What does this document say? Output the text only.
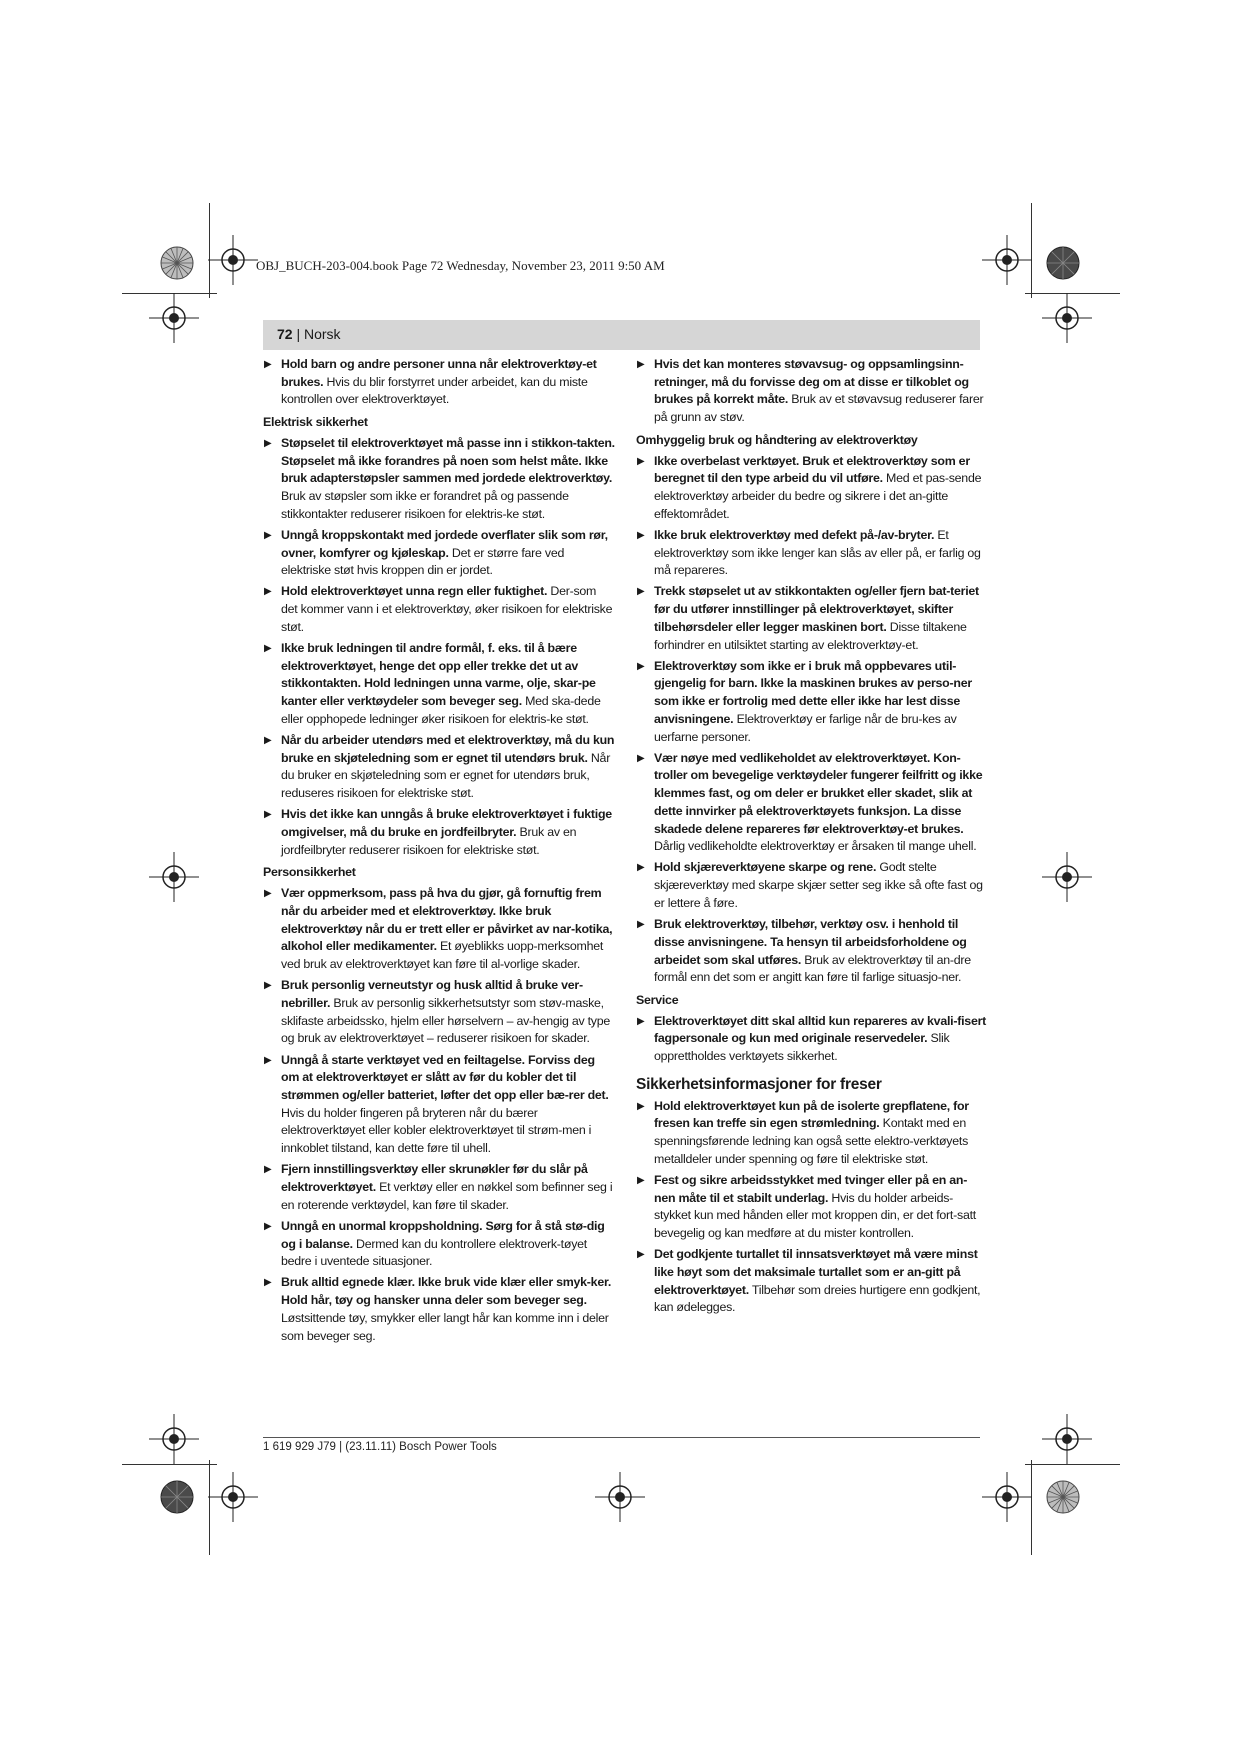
OBJ_BUCH-203-004.book Page 72 Wednesday, November 23, 2011 9:50 AM
72 | Norsk
▶ Hold barn og andre personer unna når elektroverktøy-et brukes. Hvis du blir forstyrret under arbeidet, kan du miste kontrollen over elektroverktøyet.
Elektrisk sikkerhet
▶ Støpselet til elektroverktøyet må passe inn i stikkon-takten. Støpselet må ikke forandres på noen som helst måte. Ikke bruk adapterstøpsler sammen med jordede elektroverktøy. Bruk av støpsler som ikke er forandret på og passende stikkontakter reduserer risikoen for elektris-ke støt.
▶ Unngå kroppskontakt med jordede overflater slik som rør, ovner, komfyrer og kjøleskap. Det er større fare ved elektriske støt hvis kroppen din er jordet.
▶ Hold elektroverktøyet unna regn eller fuktighet. Der-som det kommer vann i et elektroverktøy, øker risikoen for elektriske støt.
▶ Ikke bruk ledningen til andre formål, f. eks. til å bære elektroverktøyet, henge det opp eller trekke det ut av stikkontakten. Hold ledningen unna varme, olje, skar-pe kanter eller verktøydeler som beveger seg. Med ska-dede eller opphopede ledninger øker risikoen for elektris-ke støt.
▶ Når du arbeider utendørs med et elektroverktøy, må du kun bruke en skjøteledning som er egnet til utendørs bruk. Når du bruker en skjøteledning som er egnet for utendørs bruk, reduseres risikoen for elektriske støt.
▶ Hvis det ikke kan unngås å bruke elektroverktøyet i fuktige omgivelser, må du bruke en jordfeilbryter. Bruk av en jordfeilbryter reduserer risikoen for elektriske støt.
Personsikkerhet
▶ Vær oppmerksom, pass på hva du gjør, gå fornuftig frem når du arbeider med et elektroverktøy. Ikke bruk elektroverktøy når du er trett eller er påvirket av nar-kotika, alkohol eller medikamenter. Et øyeblikks uopp-merksomhet ved bruk av elektroverktøyet kan føre til al-vorlige skader.
▶ Bruk personlig verneutstyr og husk alltid å bruke ver-nebriller. Bruk av personlig sikkerhetsutstyr som støv-maske, sklifaste arbeidssko, hjelm eller hørselvern – av-hengig av type og bruk av elektroverktøyet – reduserer risikoen for skader.
▶ Unngå å starte verktøyet ved en feiltagelse. Forviss deg om at elektroverktøyet er slått av før du kobler det til strømmen og/eller batteriet, løfter det opp eller bæ-rer det. Hvis du holder fingeren på bryteren når du bærer elektroverktøyet eller kobler elektroverktøyet til strøm-men i innkoblet tilstand, kan dette føre til uhell.
▶ Fjern innstillingsverktøy eller skrunøkler før du slår på elektroverktøyet. Et verktøy eller en nøkkel som befinner seg i en roterende verktøydel, kan føre til skader.
▶ Unngå en unormal kroppsholdning. Sørg for å stå stø-dig og i balanse. Dermed kan du kontrollere elektroverk-tøyet bedre i uventede situasjoner.
▶ Bruk alltid egnede klær. Ikke bruk vide klær eller smyk-ker. Hold hår, tøy og hansker unna deler som beveger seg. Løstsittende tøy, smykker eller langt hår kan komme inn i deler som beveger seg.
▶ Hvis det kan monteres støvavsug- og oppsamlingsinn-retninger, må du forvisse deg om at disse er tilkoblet og brukes på korrekt måte. Bruk av et støvavsug reduserer farer på grunn av støv.
Omhyggelig bruk og håndtering av elektroverktøy
▶ Ikke overbelast verktøyet. Bruk et elektroverktøy som er beregnet til den type arbeid du vil utføre. Med et pas-sende elektroverktøy arbeider du bedre og sikrere i det an-gitte effektområdet.
▶ Ikke bruk elektroverktøy med defekt på-/av-bryter. Et elektroverktøy som ikke lenger kan slås av eller på, er farlig og må repareres.
▶ Trekk støpselet ut av stikkontakten og/eller fjern bat-teriet før du utfører innstillinger på elektroverktøyet, skifter tilbehørsdeler eller legger maskinen bort. Disse tiltakene forhindrer en utilsiktet starting av elektroverktøy-et.
▶ Elektroverktøy som ikke er i bruk må oppbevares util-gjengelig for barn. Ikke la maskinen brukes av perso-ner som ikke er fortrolig med dette eller ikke har lest disse anvisningene. Elektroverktøy er farlige når de bru-kes av uerfarne personer.
▶ Vær nøye med vedlikeholdet av elektroverktøyet. Kon-troller om bevegelige verktøydeler fungerer feilfritt og ikke klemmes fast, og om deler er brukket eller skadet, slik at dette innvirker på elektroverktøyets funksjon. La disse skadede delene repareres før elektroverktøy-et brukes. Dårlig vedlikeholdte elektroverktøy er årsaken til mange uhell.
▶ Hold skjæreverktøyene skarpe og rene. Godt stelte skjæreverktøy med skarpe skjær setter seg ikke så ofte fast og er lettere å føre.
▶ Bruk elektroverktøy, tilbehør, verktøy osv. i henhold til disse anvisningene. Ta hensyn til arbeidsforholdene og arbeidet som skal utføres. Bruk av elektroverktøy til an-dre formål enn det som er angitt kan føre til farlige situasjo-ner.
Service
▶ Elektroverktøyet ditt skal alltid kun repareres av kvali-fisert fagpersonale og kun med originale reservedeler. Slik opprettholdes verktøyets sikkerhet.
Sikkerhetsinformasjoner for freser
▶ Hold elektroverktøyet kun på de isolerte grepflatene, for fresen kan treffe sin egen strømledning. Kontakt med en spenningsførende ledning kan også sette elektro-verktøyets metalldeler under spenning og føre til elektriske støt.
▶ Fest og sikre arbeidsstykket med tvinger eller på en an-nen måte til et stabilt underlag. Hvis du holder arbeids-stykket kun med hånden eller mot kroppen din, er det fort-satt bevegelig og kan medføre at du mister kontrollen.
▶ Det godkjente turtallet til innsatsverktøyet må være minst like høyt som det maksimale turtallet som er an-gitt på elektroverktøyet. Tilbehør som dreies hurtigere enn godkjent, kan ødelegges.
1 619 929 J79 | (23.11.11) Bosch Power Tools
